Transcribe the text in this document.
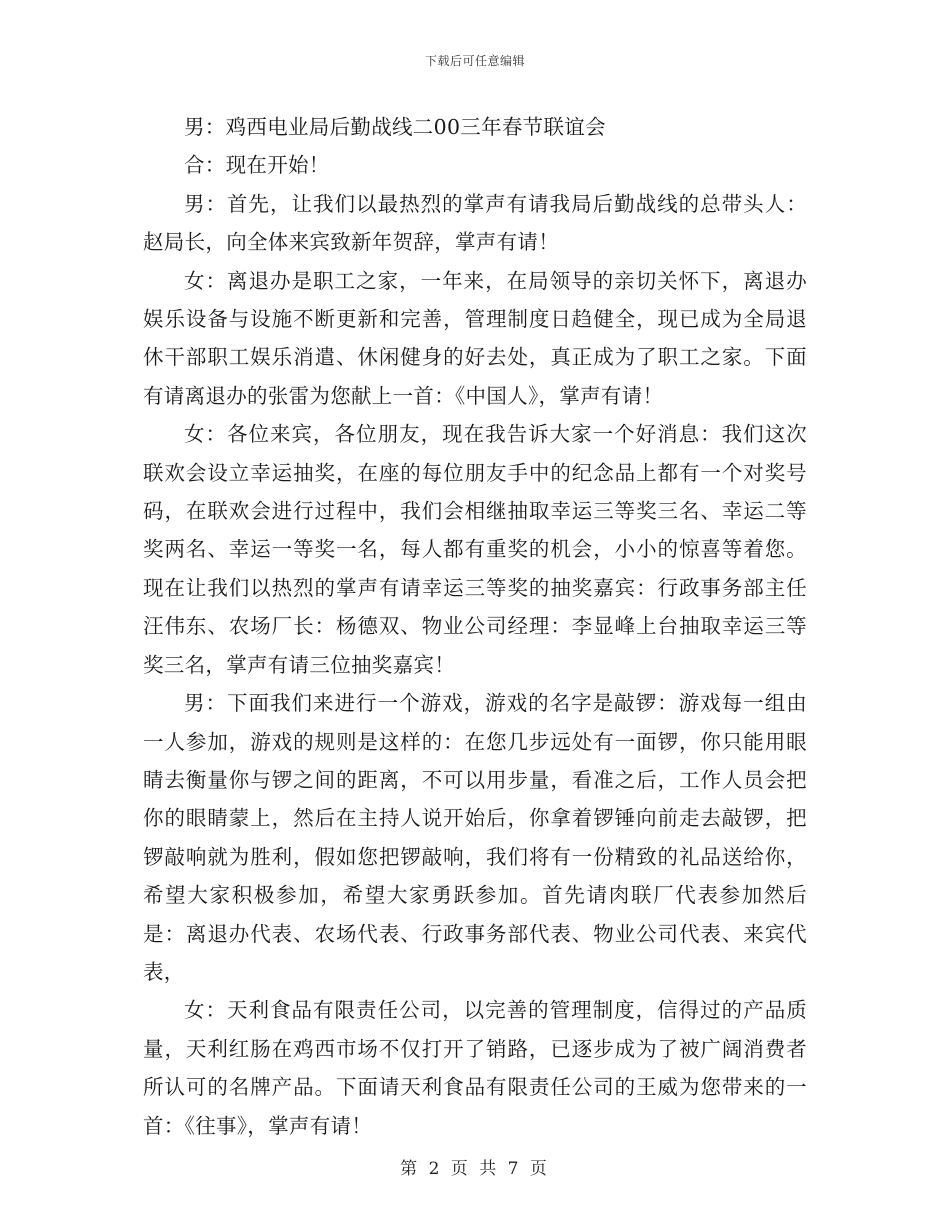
下载后可任意编辑

男：鸡西电业局后勤战线二00三年春节联谊会

合：现在开始！

男：首先，让我们以最热烈的掌声有请我局后勤战线的总带头人：赵局长，向全体来宾致新年贺辞，掌声有请！

女：离退办是职工之家，一年来，在局领导的亲切关怀下，离退办娱乐设备与设施不断更新和完善，管理制度日趋健全，现已成为全局退休干部职工娱乐消遣、休闲健身的好去处，真正成为了职工之家。下面有请离退办的张雷为您献上一首：《中国人》，掌声有请！

女：各位来宾，各位朋友，现在我告诉大家一个好消息：我们这次联欢会设立幸运抽奖，在座的每位朋友手中的纪念品上都有一个对奖号码，在联欢会进行过程中，我们会相继抽取幸运三等奖三名、幸运二等奖两名、幸运一等奖一名，每人都有重奖的机会，小小的惊喜等着您。现在让我们以热烈的掌声有请幸运三等奖的抽奖嘉宾：行政事务部主任汪伟东、农场厂长：杨德双、物业公司经理：李显峰上台抽取幸运三等奖三名，掌声有请三位抽奖嘉宾！

男：下面我们来进行一个游戏，游戏的名字是敲锣：游戏每一组由一人参加，游戏的规则是这样的：在您几步远处有一面锣，你只能用眼睛去衡量你与锣之间的距离，不可以用步量，看准之后，工作人员会把你的眼睛蒙上，然后在主持人说开始后，你拿着锣锤向前走去敲锣，把锣敲响就为胜利，假如您把锣敲响，我们将有一份精致的礼品送给你，希望大家积极参加，希望大家勇跃参加。首先请肉联厂代表参加然后是：离退办代表、农场代表、行政事务部代表、物业公司代表、来宾代表，

女：天利食品有限责任公司，以完善的管理制度，信得过的产品质量，天利红肠在鸡西市场不仅打开了销路，已逐步成为了被广阔消费者所认可的名牌产品。下面请天利食品有限责任公司的王威为您带来的一首：《往事》，掌声有请！

第 2 页 共 7 页
